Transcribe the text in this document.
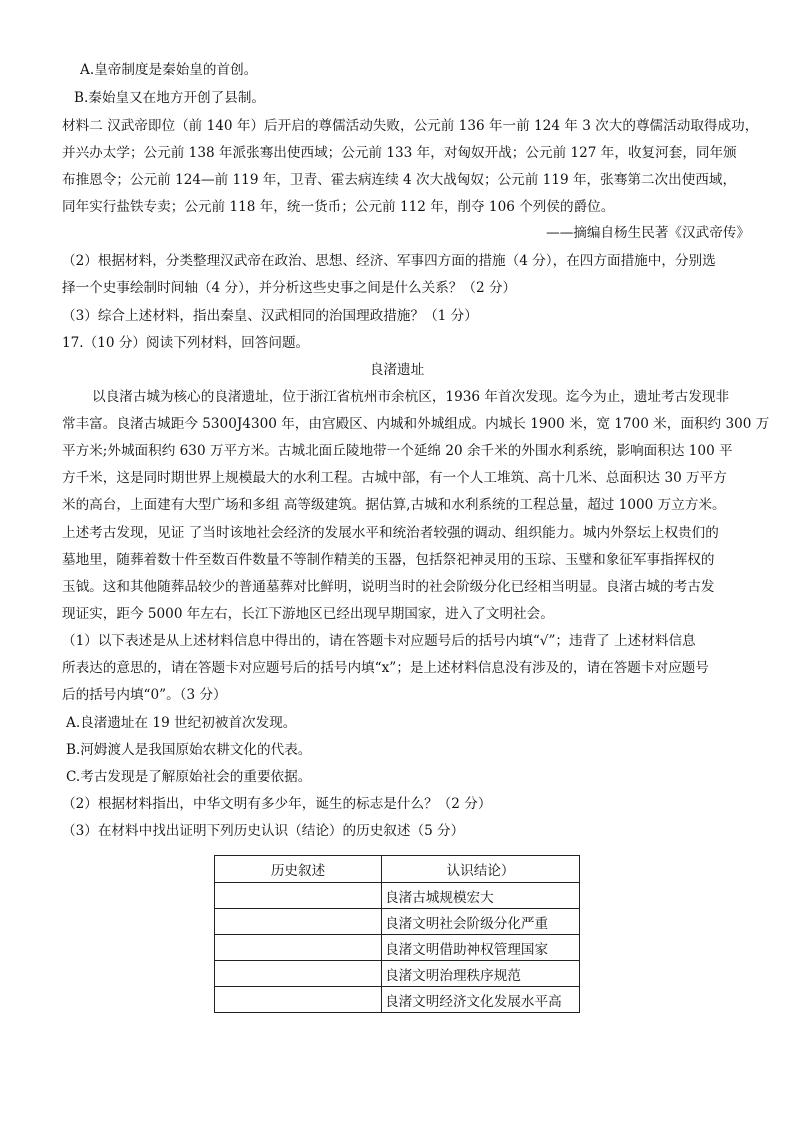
A.皇帝制度是秦始皇的首创。
B.秦始皇又在地方开创了县制。
材料二 汉武帝即位（前 140 年）后开启的尊儒活动失败，公元前 136 年一前 124 年 3 次大的尊儒活动取得成功，
并兴办太学；公元前 138 年派张骞出使西域；公元前 133 年，对匈奴开战；公元前 127 年，收复河套，同年颁
布推恩令；公元前 124—前 119 年，卫青、霍去病连续 4 次大战匈奴；公元前 119 年，张骞第二次出使西域，
同年实行盐铁专卖；公元前 118 年，统一货币；公元前 112 年，削夺 106 个列侯的爵位。
——摘编自杨生民著《汉武帝传》
（2）根据材料，分类整理汉武帝在政治、思想、经济、军事四方面的措施（4 分），在四方面措施中，分别选
择一个史事绘制时间轴（4 分），并分析这些史事之间是什么关系？（2 分）
（3）综合上述材料，指出秦皇、汉武相同的治国理政措施？（1 分）
17.（10 分）阅读下列材料，回答问题。
良渚遗址
以良渚古城为核心的良渚遗址，位于浙江省杭州市余杭区，1936 年首次发现。迄今为止，遗址考古发现非
常丰富。良渚古城距今 5300J4300 年，由宫殿区、内城和外城组成。内城长 1900 米，宽 1700 米，面积约 300 万
平方米;外城面积约 630 万平方米。古城北面丘陵地带一个延绵 20 余千米的外围水利系统，影响面积达 100 平
方千米，这是同时期世界上规模最大的水利工程。古城中部，有一个人工堆筑、高十几米、总面积达 30 万平方
米的高台，上面建有大型广场和多组 高等级建筑。据估算,古城和水利系统的工程总量，超过 1000 万立方米。
上述考古发现，见证 了当时该地社会经济的发展水平和统治者较强的调动、组织能力。城内外祭坛上权贵们的
墓地里，随葬着数十件至数百件数量不等制作精美的玉器，包括祭祀神灵用的玉琮、玉璧和象征军事指挥权的
玉钺。这和其他随葬品较少的普通墓葬对比鲜明，说明当时的社会阶级分化已经相当明显。良渚古城的考古发
现证实，距今 5000 年左右，长江下游地区已经出现早期国家，进入了文明社会。
（1）以下表述是从上述材料信息中得出的，请在答题卡对应题号后的括号内填“√”；违背了 上述材料信息
所表达的意思的，请在答题卡对应题号后的括号内填“x”；是上述材料信息没有涉及的，请在答题卡对应题号
后的括号内填“0”。（3 分）
A.良渚遗址在 19 世纪初被首次发现。
B.河姆渡人是我国原始农耕文化的代表。
C.考古发现是了解原始社会的重要依据。
（2）根据材料指出，中华文明有多少年，诞生的标志是什么？（2 分）
（3）在材料中找出证明下列历史认识（结论）的历史叙述（5 分）
历史叙述	认识结论）
	良渚古城规模宏大
	良渚文明社会阶级分化严重
	良渚文明借助神权管理国家
	良渚文明治理秩序规范
	良渚文明经济文化发展水平高
